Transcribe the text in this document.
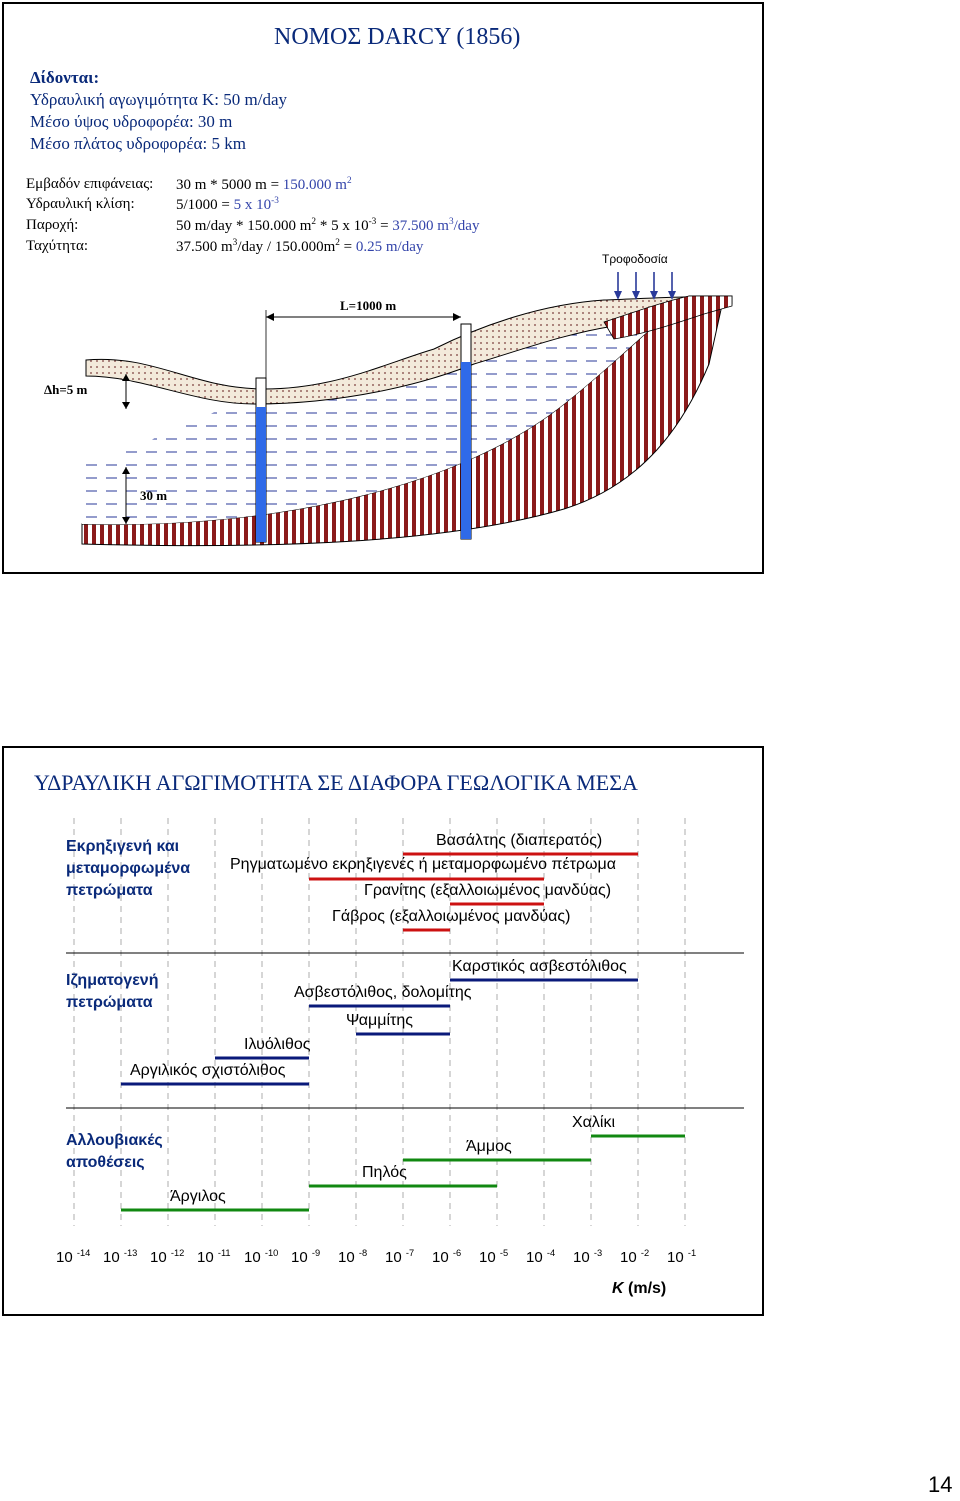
ΝΟΜΟΣ DARCY (1856)
Δίδονται:
Υδραυλική αγωγιμότητα K: 50 m/day
Μέσο ύψος υδροφορέα: 30 m
Μέσο πλάτος υδροφορέα: 5 km
Εμβαδόν επιφάνειας: 30 m * 5000 m = 150.000 $m^2$
Υδραυλική κλίση:	5/1000 = 5 x $10^{-3}$
Παροχή:	50 m/day * 150.000 $m^2 * 5$ x $10^{-3} = 37.500$ $m^3$/day
Ταχύτητα:	37.500 $m^3$/day / $150.000m^2 = 0.25$ m/day
Τροφοδοσία
L=1000 m
Δh=5 m
30 m
ΥΔΡΑΥΛΙΚΗ ΑΓΩΓΙΜΟΤΗΤΑ ΣΕ ΔΙΑΦΟΡΑ ΓΕΩΛΟΓΙΚΑ ΜΕΣΑ
Εκρηξιγενή και
μεταμορφωμένα
πετρώματα
Ιζηματογενή
πετρώματα
Αλλουβιακές
αποθέσεις
Βασάλτης (διαπερατός)
Ρηγματωμένο εκρηξιγενές ή μεταμορφωμένο πέτρωμα
Γρανίτης (εξαλλοιωμένος μανδύας)
Γάβρος (εξαλλοιωμένος μανδύας)
Καρστικός ασβεστόλιθος
Ασβεστόλιθος, δολομίτης
Ψαμμίτης
Ιλυόλιθος
Αργιλικός σχιστόλιθος
Χαλίκι
Άμμος
Πηλός
Άργιλος
10 $^{-14}$ 10 $^{-13}$ 10 $^{-12}$ 10 $^{-11}$ 10 $^{-10}$ 10 $^{-9}$ 10 $^{-8}$ 10 $^{-7}$ 10 $^{-6}$ 10 $^{-5}$ 10 $^{-4}$ 10 $^{-3}$ 10 $^{-2}$ 10 $^{-1}$
K (m/s)
14
